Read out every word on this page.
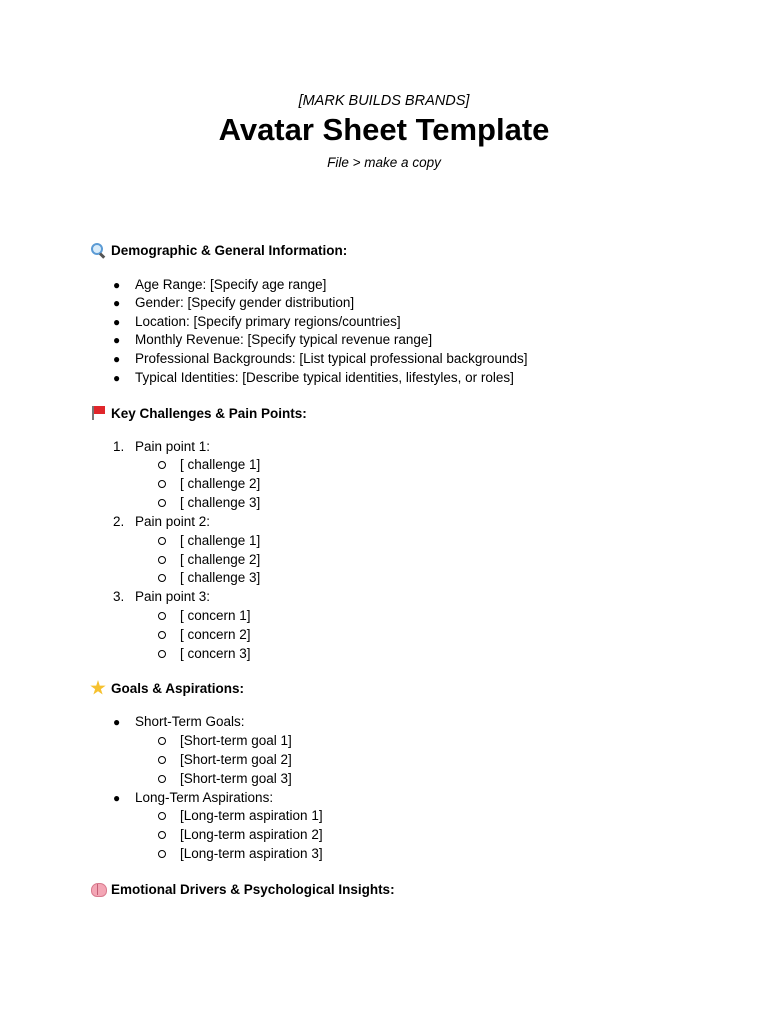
[MARK BUILDS BRANDS]
Avatar Sheet Template
File > make a copy
Demographic & General Information:
● Age Range: [Specify age range]
● Gender: [Specify gender distribution]
● Location: [Specify primary regions/countries]
● Monthly Revenue: [Specify typical revenue range]
● Professional Backgrounds: [List typical professional backgrounds]
● Typical Identities: [Describe typical identities, lifestyles, or roles]
Key Challenges & Pain Points:
1. Pain point 1:
[ challenge 1]
[ challenge 2]
[ challenge 3]
2. Pain point 2:
[ challenge 1]
[ challenge 2]
[ challenge 3]
3. Pain point 3:
[ concern 1]
[ concern 2]
[ concern 3]
Goals & Aspirations:
● Short-Term Goals:
[Short-term goal 1]
[Short-term goal 2]
[Short-term goal 3]
● Long-Term Aspirations:
[Long-term aspiration 1]
[Long-term aspiration 2]
[Long-term aspiration 3]
Emotional Drivers & Psychological Insights:
